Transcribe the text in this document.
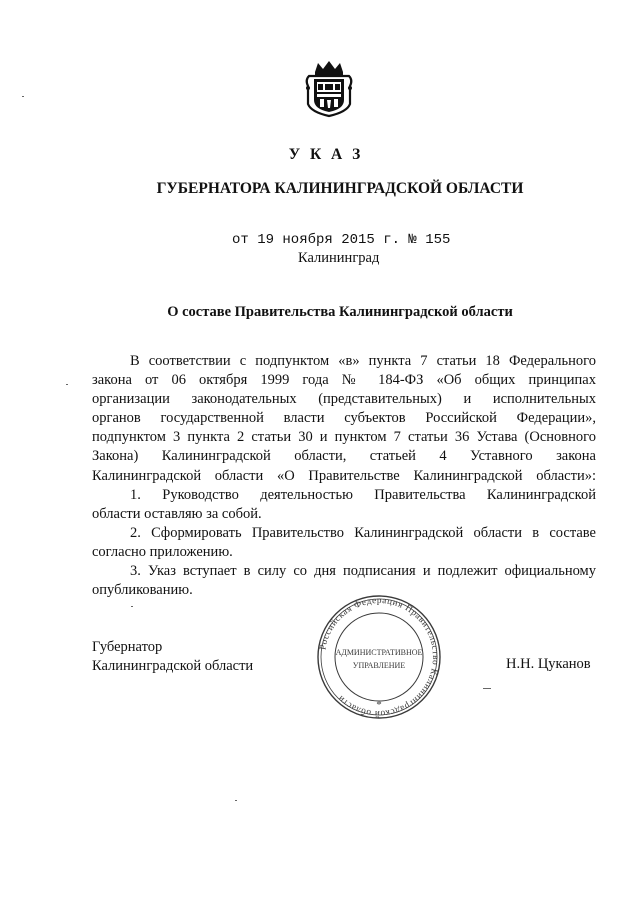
У К А З
ГУБЕРНАТОРА КАЛИНИНГРАДСКОЙ ОБЛАСТИ
от 19 ноября 2015 г. № 155
Калининград
О составе Правительства Калининградской области
В соответствии с подпунктом «в» пункта 7 статьи 18 Федерального
закона от 06 октября 1999 года № 184-ФЗ «Об общих принципах
организации законодательных (представительных) и исполнительных
органов государственной власти субъектов Российской Федерации»,
подпунктом 3 пункта 2 статьи 30 и пунктом 7 статьи 36 Устава (Основного
Закона) Калининградской области, статьей 4 Уставного закона
Калининградской области «О Правительстве Калининградской области»:
1. Руководство деятельностью Правительства Калининградской
области оставляю за собой.
2. Сформировать Правительство Калининградской области в составе
согласно приложению.
3. Указ вступает в силу со дня подписания и подлежит официальному
опубликованию.
Губернатор
Калининградской области	Н.Н. Цуканов
Российская Федерация Правительство Калининградской области
АДМИНИСТРАТИВНОЕ
УПРАВЛЕНИЕ
*
